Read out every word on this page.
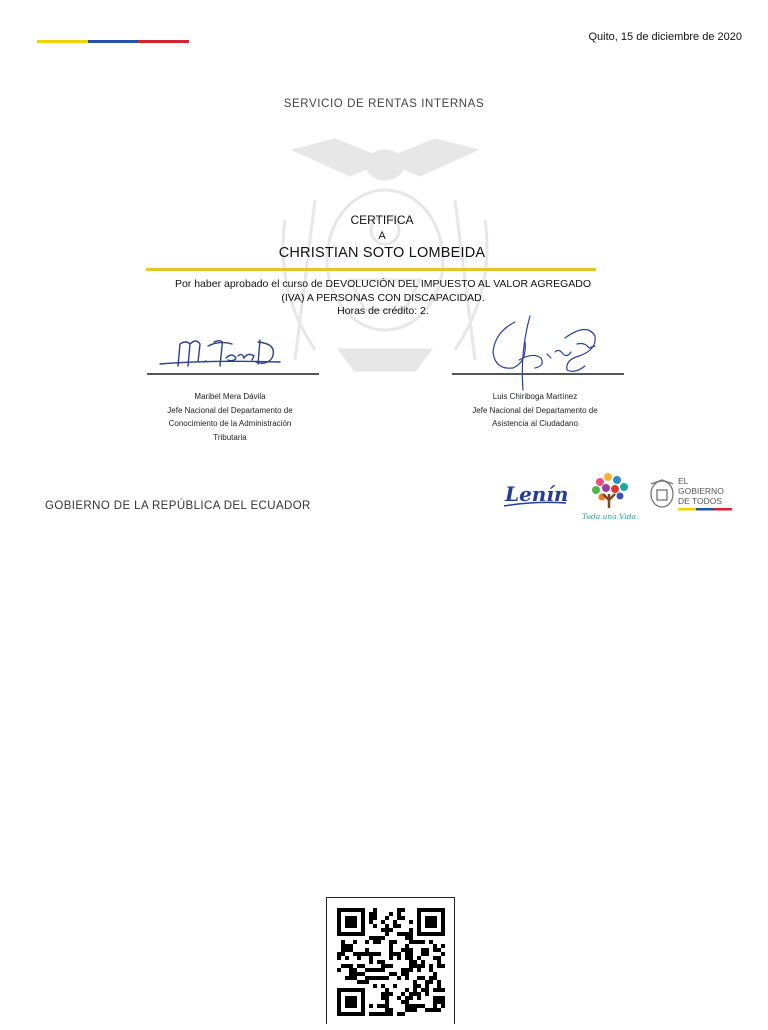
Quito, 15 de diciembre de 2020
SERVICIO DE RENTAS INTERNAS
CERTIFICA
A
CHRISTIAN SOTO LOMBEIDA
Por haber aprobado el curso de DEVOLUCIÓN DEL IMPUESTO AL VALOR AGREGADO
(IVA) A PERSONAS CON DISCAPACIDAD.
Horas de crédito: 2.
Maribel Mera Dávila
Jefe Nacional del Departamento de
Conocimiento de la Administración
Tributaria
Luis Chiriboga Martínez
Jefe Nacional del Departamento de
Asistencia al Ciudadano
GOBIERNO DE LA REPÚBLICA DEL ECUADOR	Lenín
Toda una Vida
EL
GOBIERNO
DE TODOS
